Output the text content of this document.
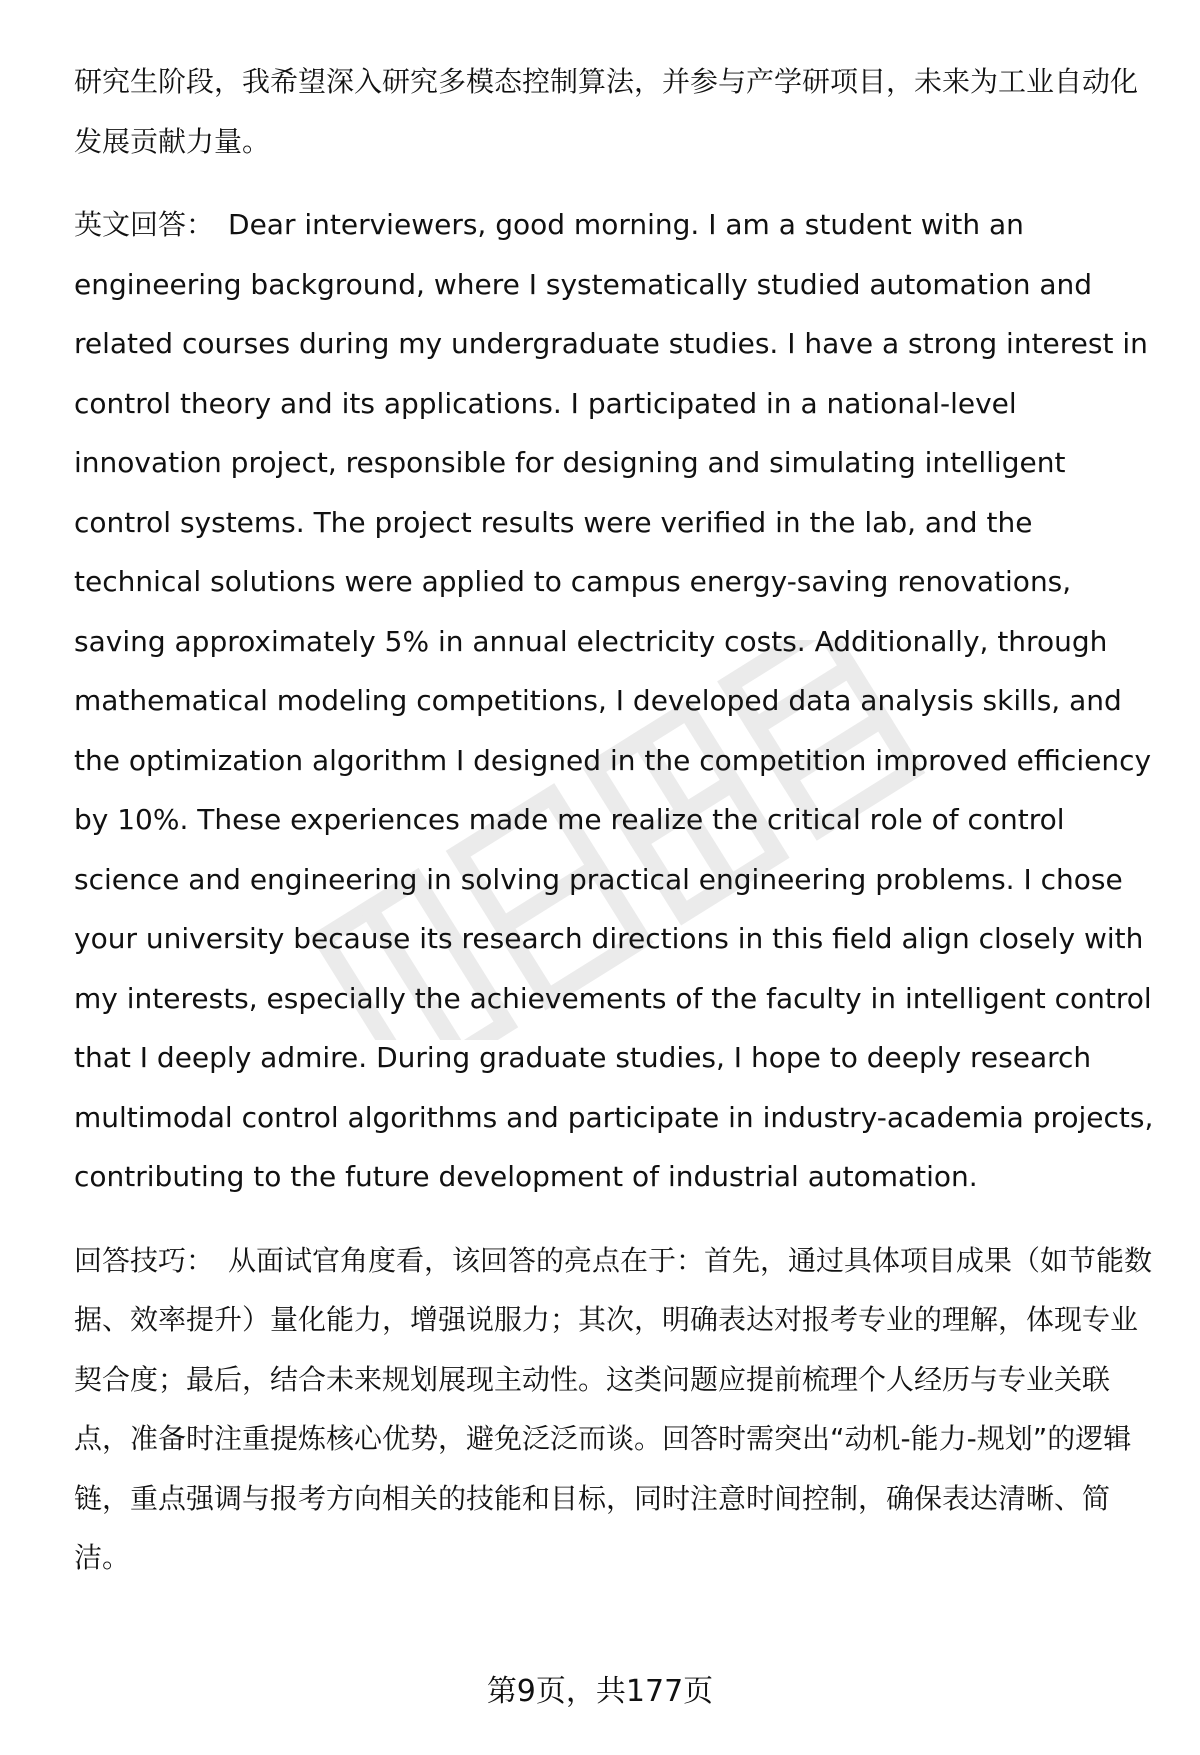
研究生阶段，我希望深入研究多模态控制算法，并参与产学研项目，未来为工业自动化发展贡献力量。

英文回答： Dear interviewers, good morning. I am a student with an engineering background, where I systematically studied automation and related courses during my undergraduate studies. I have a strong interest in control theory and its applications. I participated in a national-level innovation project, responsible for designing and simulating intelligent control systems. The project results were verified in the lab, and the technical solutions were applied to campus energy-saving renovations, saving approximately 5% in annual electricity costs. Additionally, through mathematical modeling competitions, I developed data analysis skills, and the optimization algorithm I designed in the competition improved efficiency by 10%. These experiences made me realize the critical role of control science and engineering in solving practical engineering problems. I chose your university because its research directions in this field align closely with my interests, especially the achievements of the faculty in intelligent control that I deeply admire. During graduate studies, I hope to deeply research multimodal control algorithms and participate in industry-academia projects, contributing to the future development of industrial automation.

回答技巧： 从面试官角度看，该回答的亮点在于：首先，通过具体项目成果（如节能数据、效率提升）量化能力，增强说服力；其次，明确表达对报考专业的理解，体现专业契合度；最后，结合未来规划展现主动性。这类问题应提前梳理个人经历与专业关联点，准备时注重提炼核心优势，避免泛泛而谈。回答时需突出“动机-能力-规划”的逻辑链，重点强调与报考方向相关的技能和目标，同时注意时间控制，确保表达清晰、简洁。

第9页，共177页
